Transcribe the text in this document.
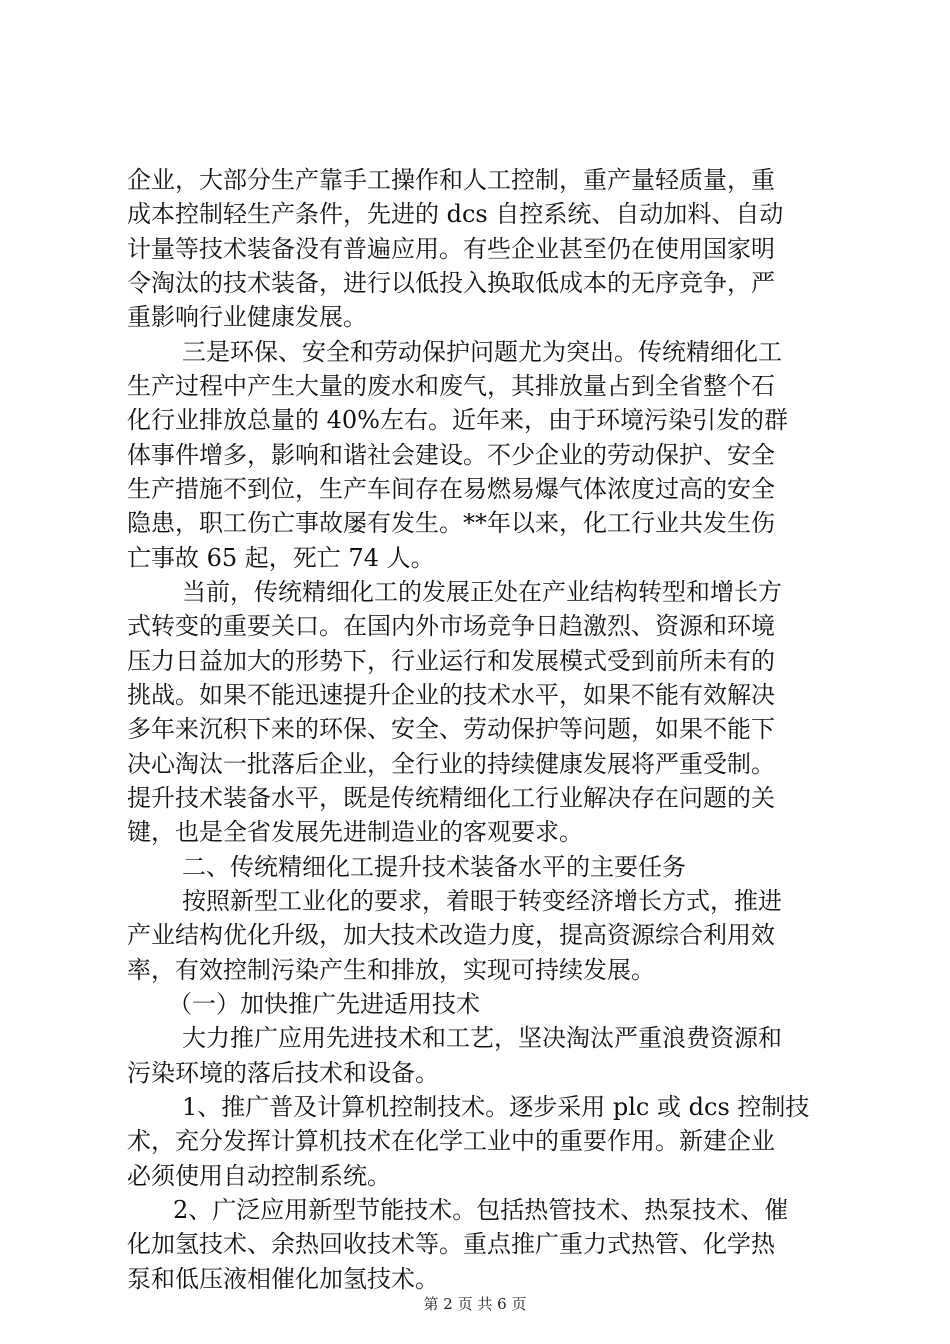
企业，大部分生产靠手工操作和人工控制，重产量轻质量，重
成本控制轻生产条件，先进的 dcs 自控系统、自动加料、自动
计量等技术装备没有普遍应用。有些企业甚至仍在使用国家明
令淘汰的技术装备，进行以低投入换取低成本的无序竞争，严
重影响行业健康发展。
三是环保、安全和劳动保护问题尤为突出。传统精细化工
生产过程中产生大量的废水和废气，其排放量占到全省整个石
化行业排放总量的 40%左右。近年来，由于环境污染引发的群
体事件增多，影响和谐社会建设。不少企业的劳动保护、安全
生产措施不到位，生产车间存在易燃易爆气体浓度过高的安全
隐患，职工伤亡事故屡有发生。**年以来，化工行业共发生伤
亡事故 65 起，死亡 74 人。
当前，传统精细化工的发展正处在产业结构转型和增长方
式转变的重要关口。在国内外市场竞争日趋激烈、资源和环境
压力日益加大的形势下，行业运行和发展模式受到前所未有的
挑战。如果不能迅速提升企业的技术水平，如果不能有效解决
多年来沉积下来的环保、安全、劳动保护等问题，如果不能下
决心淘汰一批落后企业，全行业的持续健康发展将严重受制。
提升技术装备水平，既是传统精细化工行业解决存在问题的关
键，也是全省发展先进制造业的客观要求。
二、传统精细化工提升技术装备水平的主要任务
按照新型工业化的要求，着眼于转变经济增长方式，推进
产业结构优化升级，加大技术改造力度，提高资源综合利用效
率，有效控制污染产生和排放，实现可持续发展。
（一）加快推广先进适用技术
大力推广应用先进技术和工艺，坚决淘汰严重浪费资源和
污染环境的落后技术和设备。
1、推广普及计算机控制技术。逐步采用 plc 或 dcs 控制技
术，充分发挥计算机技术在化学工业中的重要作用。新建企业
必须使用自动控制系统。
2、广泛应用新型节能技术。包括热管技术、热泵技术、催
化加氢技术、余热回收技术等。重点推广重力式热管、化学热
泵和低压液相催化加氢技术。
第 2 页 共 6 页
